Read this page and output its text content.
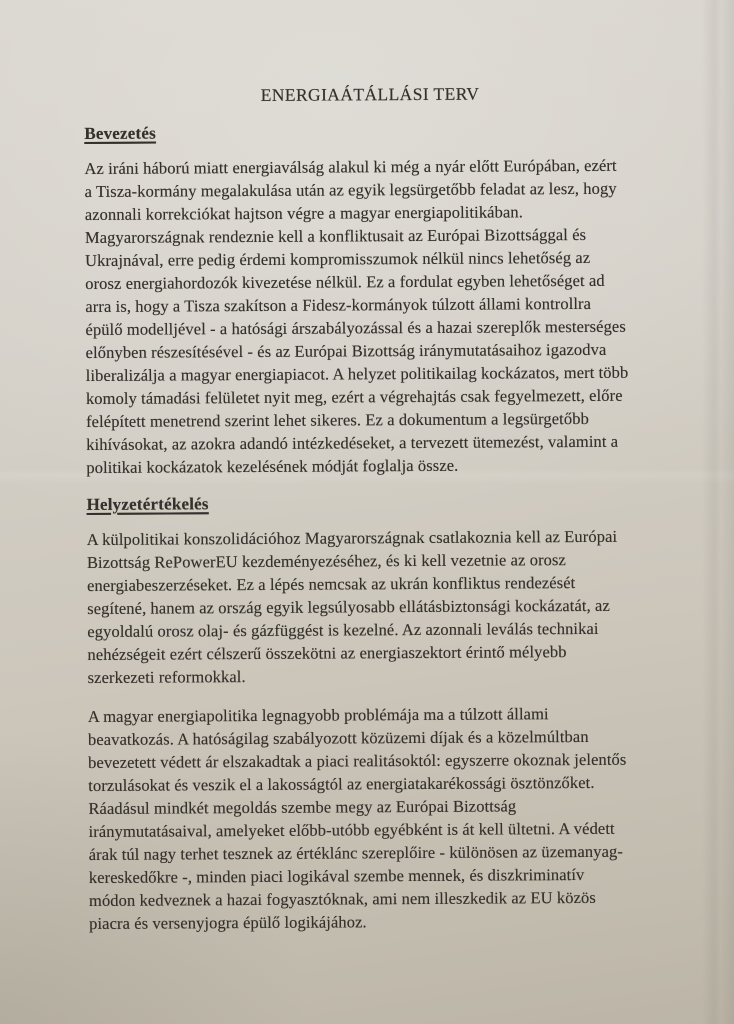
ENERGIAÁTÁLLÁSI TERV
Bevezetés

Az iráni háború miatt energiaválság alakul ki még a nyár előtt Európában, ezért
a Tisza-kormány megalakulása után az egyik legsürgetőbb feladat az lesz, hogy
azonnali korrekciókat hajtson végre a magyar energiapolitikában.
Magyarországnak rendeznie kell a konfliktusait az Európai Bizottsággal és
Ukrajnával, erre pedig érdemi kompromisszumok nélkül nincs lehetőség az
orosz energiahordozók kivezetése nélkül. Ez a fordulat egyben lehetőséget ad
arra is, hogy a Tisza szakítson a Fidesz-kormányok túlzott állami kontrollra
épülő modelljével - a hatósági árszabályozással és a hazai szereplők mesterséges
előnyben részesítésével - és az Európai Bizottság iránymutatásaihoz igazodva
liberalizálja a magyar energiapiacot. A helyzet politikailag kockázatos, mert több
komoly támadási felületet nyit meg, ezért a végrehajtás csak fegyelmezett, előre
felépített menetrend szerint lehet sikeres. Ez a dokumentum a legsürgetőbb
kihívásokat, az azokra adandó intézkedéseket, a tervezett ütemezést, valamint a
politikai kockázatok kezelésének módját foglalja össze.

Helyzetértékelés

A külpolitikai konszolidációhoz Magyarországnak csatlakoznia kell az Európai
Bizottság RePowerEU kezdeményezéséhez, és ki kell vezetnie az orosz
energiabeszerzéseket. Ez a lépés nemcsak az ukrán konfliktus rendezését
segítené, hanem az ország egyik legsúlyosabb ellátásbiztonsági kockázatát, az
egyoldalú orosz olaj- és gázfüggést is kezelné. Az azonnali leválás technikai
nehézségeit ezért célszerű összekötni az energiaszektort érintő mélyebb
szerkezeti reformokkal.

A magyar energiapolitika legnagyobb problémája ma a túlzott állami
beavatkozás. A hatóságilag szabályozott közüzemi díjak és a közelmúltban
bevezetett védett ár elszakadtak a piaci realitásoktól: egyszerre okoznak jelentős
torzulásokat és veszik el a lakosságtól az energiatakarékossági ösztönzőket.
Ráadásul mindkét megoldás szembe megy az Európai Bizottság
iránymutatásaival, amelyeket előbb-utóbb egyébként is át kell ültetni. A védett
árak túl nagy terhet tesznek az értéklánc szereplőire - különösen az üzemanyag-
kereskedőkre -, minden piaci logikával szembe mennek, és diszkriminatív
módon kedveznek a hazai fogyasztóknak, ami nem illeszkedik az EU közös
piacra és versenyjogra épülő logikájához.
